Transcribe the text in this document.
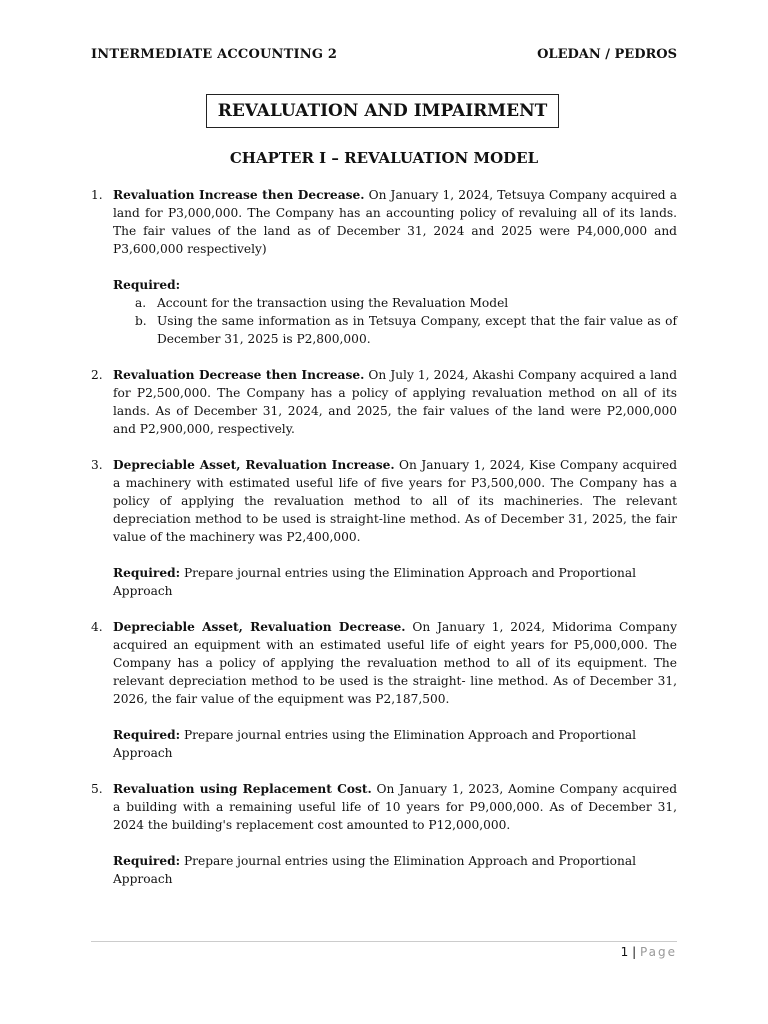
INTERMEDIATE ACCOUNTING 2	OLEDAN / PEDROS
REVALUATION AND IMPAIRMENT
CHAPTER I – REVALUATION MODEL
1. Revaluation Increase then Decrease. On January 1, 2024, Tetsuya Company acquired a land for P3,000,000. The Company has an accounting policy of revaluing all of its lands. The fair values of the land as of December 31, 2024 and 2025 were P4,000,000 and P3,600,000 respectively)
Required:
a. Account for the transaction using the Revaluation Model
b. Using the same information as in Tetsuya Company, except that the fair value as of December 31, 2025 is P2,800,000.
2. Revaluation Decrease then Increase. On July 1, 2024, Akashi Company acquired a land for P2,500,000. The Company has a policy of applying revaluation method on all of its lands. As of December 31, 2024, and 2025, the fair values of the land were P2,000,000 and P2,900,000, respectively.
3. Depreciable Asset, Revaluation Increase. On January 1, 2024, Kise Company acquired a machinery with estimated useful life of five years for P3,500,000. The Company has a policy of applying the revaluation method to all of its machineries. The relevant depreciation method to be used is straight-line method. As of December 31, 2025, the fair value of the machinery was P2,400,000.
Required: Prepare journal entries using the Elimination Approach and Proportional Approach
4. Depreciable Asset, Revaluation Decrease. On January 1, 2024, Midorima Company acquired an equipment with an estimated useful life of eight years for P5,000,000. The Company has a policy of applying the revaluation method to all of its equipment. The relevant depreciation method to be used is the straight- line method. As of December 31, 2026, the fair value of the equipment was P2,187,500.
Required: Prepare journal entries using the Elimination Approach and Proportional Approach
5. Revaluation using Replacement Cost. On January 1, 2023, Aomine Company acquired a building with a remaining useful life of 10 years for P9,000,000. As of December 31, 2024 the building's replacement cost amounted to P12,000,000.
Required: Prepare journal entries using the Elimination Approach and Proportional Approach
1 | Page
